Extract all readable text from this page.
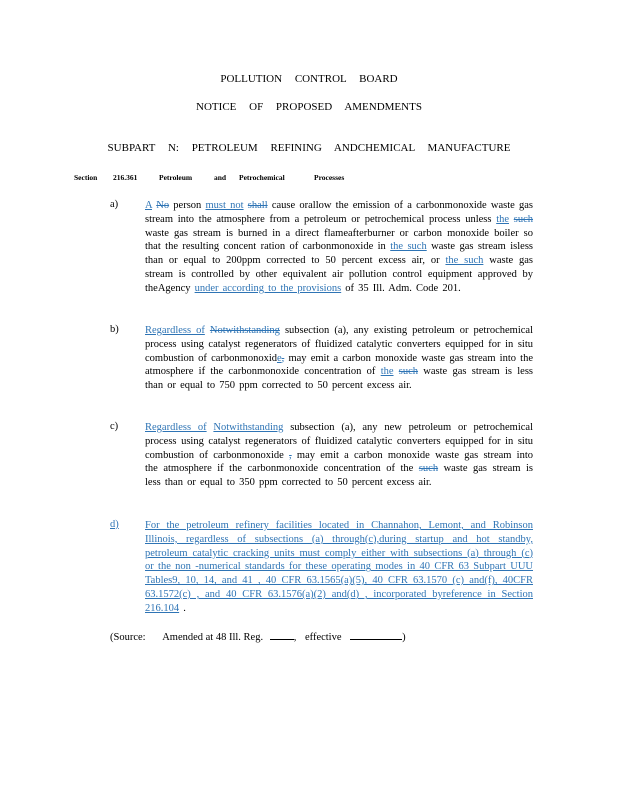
POLLUTION CONTROL BOARD
NOTICE OF PROPOSED AMENDMENTS
SUBPART N: PETROLEUM REFINING ANDCHEMICAL MANUFACTURE
Section 216.361	Petroleum	and Petrochemical	Processes
a)	A No person must not shall cause orallow the emission of a carbonmonoxide waste gas stream into the atmosphere from a petroleum or petrochemical process unless the such waste gas stream is burned in a direct flameafterburner or carbon monoxide boiler so that the resulting concent ration of carbonmonoxide in the such waste gas stream isless than or equal to 200ppm corrected to 50 percent excess air, or the such waste gas stream is controlled by other equivalent air pollution control equipment approved by theAgency under according to the provisions of 35 Ill. Adm. Code 201.
b)	Regardless of Notwithstanding subsection (a), any existing petroleum or petrochemical process using catalyst regenerators of fluidized catalytic converters equipped for in situ combustion of carbonmonoxide, may emit a carbon monoxide waste gas stream into the atmosphere if the carbonmonoxide concentration of the such waste gas stream is less than or equal to 750 ppm corrected to 50 percent excess air.
c)	Regardless of Notwithstanding subsection (a), any new petroleum or petrochemical process using catalyst regenerators of fluidized catalytic converters equipped for in situ combustion of carbonmonoxide , may emit a carbon monoxide waste gas stream into the atmosphere if the carbonmonoxide concentration of the such waste gas stream is less than or equal to 350 ppm corrected to 50 percent excess air.
d)	For the petroleum refinery facilities located in Channahon, Lemont, and Robinson Illinois, regardless of subsections (a) through(c),during startup and hot standby, petroleum catalytic cracking units must comply either with subsections (a) through (c) or the non -numerical standards for these operating modes in 40 CFR 63 Subpart UUU Tables9, 10, 14, and 41 , 40 CFR 63.1565(a)(5), 40 CFR 63.1570 (c) and(f), 40CFR 63.1572(c) , and 40 CFR 63.1576(a)(2) and(d) , incorporated byreference in Section 216.104 .
(Source: Amended at 48 Ill. Reg.	, effective	)
